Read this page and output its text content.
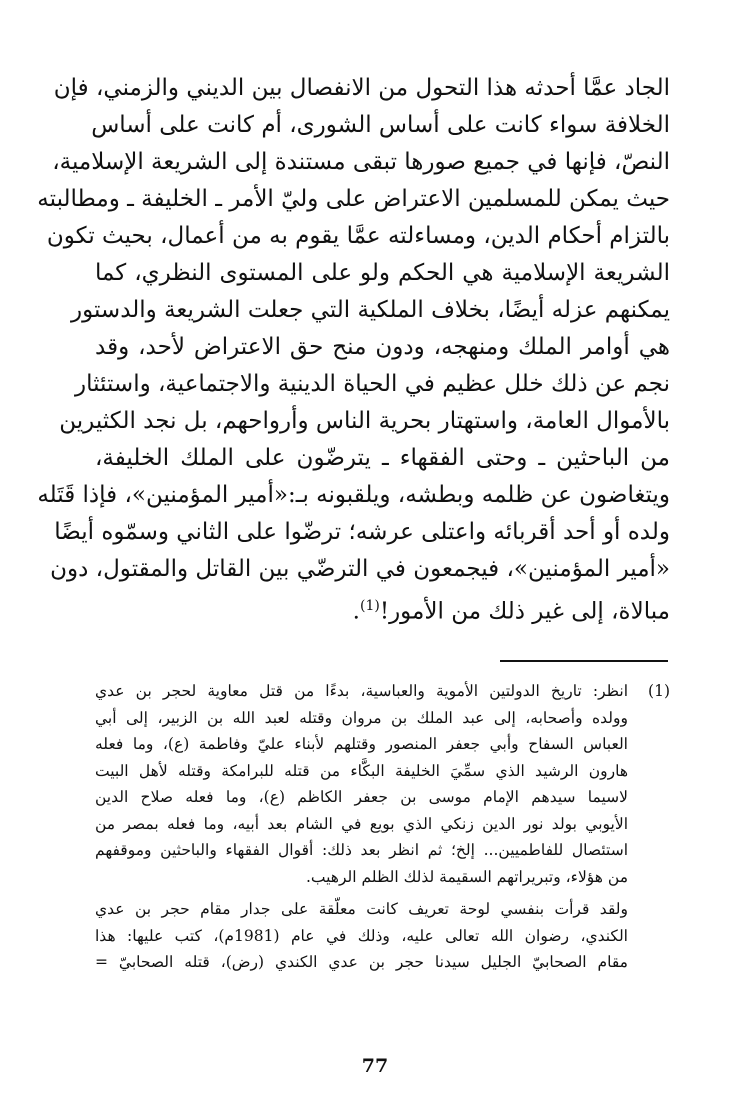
الجاد عمَّا أحدثه هذا التحول من الانفصال بين الديني والزمني، فإن
الخلافة سواء كانت على أساس الشورى، أم كانت على أساس
النصّ، فإنها في جميع صورها تبقى مستندة إلى الشريعة الإسلامية،
حيث يمكن للمسلمين الاعتراض على وليّ الأمر ـ الخليفة ـ ومطالبته
بالتزام أحكام الدين، ومساءلته عمَّا يقوم به من أعمال، بحيث تكون
الشريعة الإسلامية هي الحكم ولو على المستوى النظري، كما
يمكنهم عزله أيضًا، بخلاف الملكية التي جعلت الشريعة والدستور
هي أوامر الملك ومنهجه، ودون منح حق الاعتراض لأحد، وقد
نجم عن ذلك خلل عظيم في الحياة الدينية والاجتماعية، واستئثار
بالأموال العامة، واستهتار بحرية الناس وأرواحهم، بل نجد الكثيرين
من الباحثين ـ وحتى الفقهاء ـ يترضّون على الملك الخليفة،
ويتغاضون عن ظلمه وبطشه، ويلقبونه بـ:«أمير المؤمنين»، فإذا قَتَله
ولده أو أحد أقربائه واعتلى عرشه؛ ترضّوا على الثاني وسمّوه أيضًا
«أمير المؤمنين»، فيجمعون في الترضّي بين القاتل والمقتول، دون
مبالاة، إلى غير ذلك من الأمور!$^{(1)}$.
(1)
انظر: تاريخ الدولتين الأموية والعباسية، بدءًا من قتل معاوية لحجر بن عدي
وولده وأصحابه، إلى عبد الملك بن مروان وقتله لعبد الله بن الزبير، إلى أبي
العباس السفاح وأبي جعفر المنصور وقتلهم لأبناء عليّ وفاطمة (ع)، وما فعله
هارون الرشيد الذي سمِّيَ الخليفة البكَّاء من قتله للبرامكة وقتله لأهل البيت
لاسيما سيدهم الإمام موسى بن جعفر الكاظم (ع)، وما فعله صلاح الدين
الأيوبي بولد نور الدين زنكي الذي بويع في الشام بعد أبيه، وما فعله بمصر من
استئصال للفاطميين... إلخ؛ ثم انظر بعد ذلك: أقوال الفقهاء والباحثين وموقفهم
من هؤلاء، وتبريراتهم السقيمة لذلك الظلم الرهيب.
ولقد قرأت بنفسي لوحة تعريف كانت معلّقة على جدار مقام حجر بن عدي
الكندي، رضوان الله تعالى عليه، وذلك في عام (1981م)، كتب عليها: هذا
مقام الصحابيّ الجليل سيدنا حجر بن عدي الكندي (رض)، قتله الصحابيّ =
77
